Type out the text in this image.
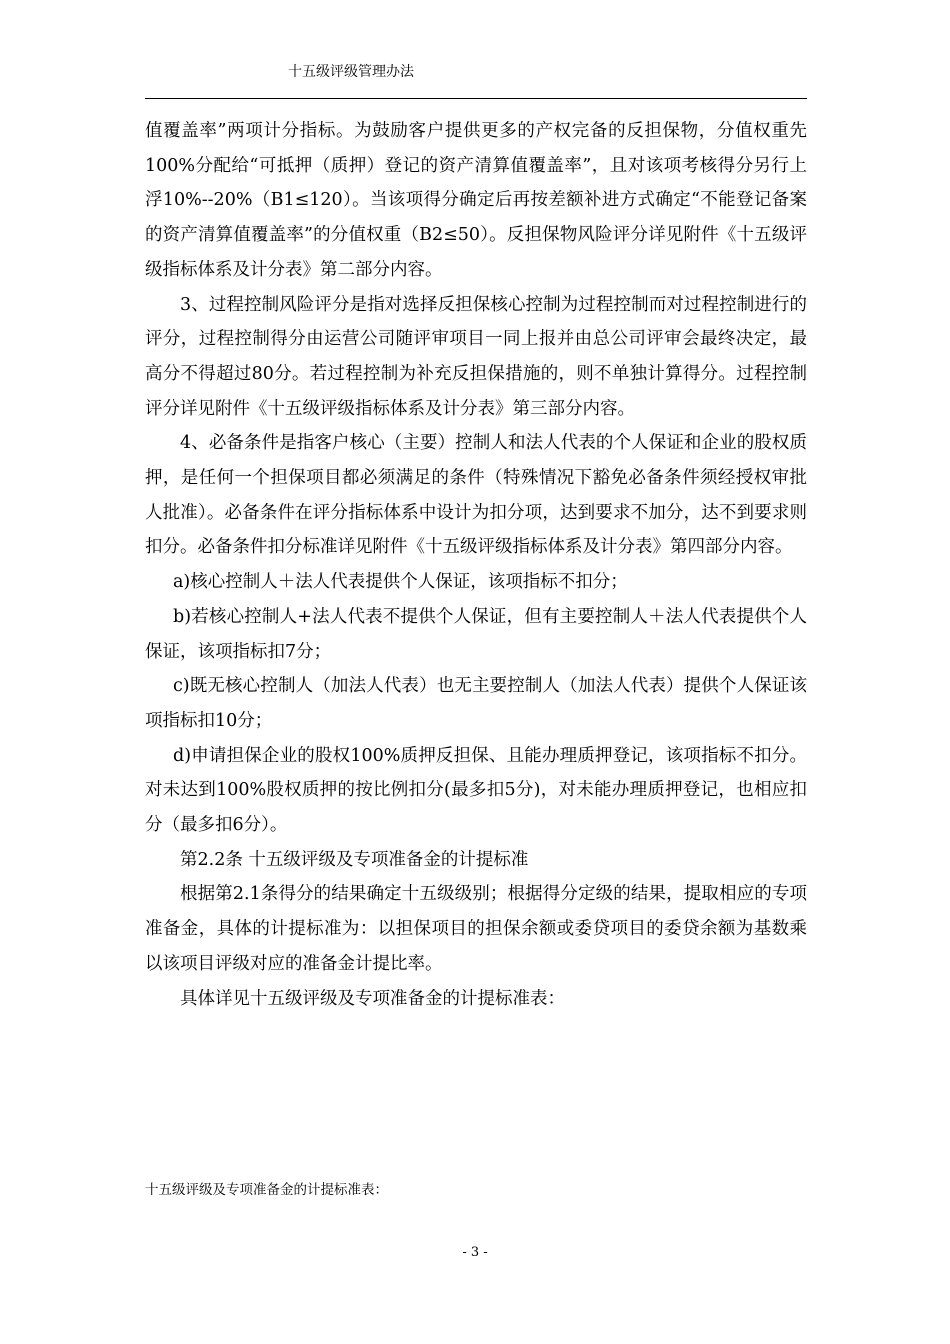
十五级评级管理办法

值覆盖率”两项计分指标。为鼓励客户提供更多的产权完备的反担保物，分值权重先100%分配给“可抵押（质押）登记的资产清算值覆盖率”，且对该项考核得分另行上浮10%--20%（B1≤120）。当该项得分确定后再按差额补进方式确定“不能登记备案的资产清算值覆盖率”的分值权重（B2≤50）。反担保物风险评分详见附件《十五级评级指标体系及计分表》第二部分内容。

3、过程控制风险评分是指对选择反担保核心控制为过程控制而对过程控制进行的评分，过程控制得分由运营公司随评审项目一同上报并由总公司评审会最终决定，最高分不得超过80分。若过程控制为补充反担保措施的，则不单独计算得分。过程控制评分详见附件《十五级评级指标体系及计分表》第三部分内容。

4、必备条件是指客户核心（主要）控制人和法人代表的个人保证和企业的股权质押，是任何一个担保项目都必须满足的条件（特殊情况下豁免必备条件须经授权审批人批准）。必备条件在评分指标体系中设计为扣分项，达到要求不加分，达不到要求则扣分。必备条件扣分标准详见附件《十五级评级指标体系及计分表》第四部分内容。

a)核心控制人＋法人代表提供个人保证，该项指标不扣分；

b)若核心控制人+法人代表不提供个人保证，但有主要控制人＋法人代表提供个人保证，该项指标扣7分；

c)既无核心控制人（加法人代表）也无主要控制人（加法人代表）提供个人保证该项指标扣10分；

d)申请担保企业的股权100%质押反担保、且能办理质押登记，该项指标不扣分。对未达到100%股权质押的按比例扣分(最多扣5分)，对未能办理质押登记，也相应扣分（最多扣6分）。

第2.2条 十五级评级及专项准备金的计提标准

根据第2.1条得分的结果确定十五级级别；根据得分定级的结果，提取相应的专项准备金，具体的计提标准为：以担保项目的担保余额或委贷项目的委贷余额为基数乘以该项目评级对应的准备金计提比率。

具体详见十五级评级及专项准备金的计提标准表：

十五级评级及专项准备金的计提标准表：
- 3 -
